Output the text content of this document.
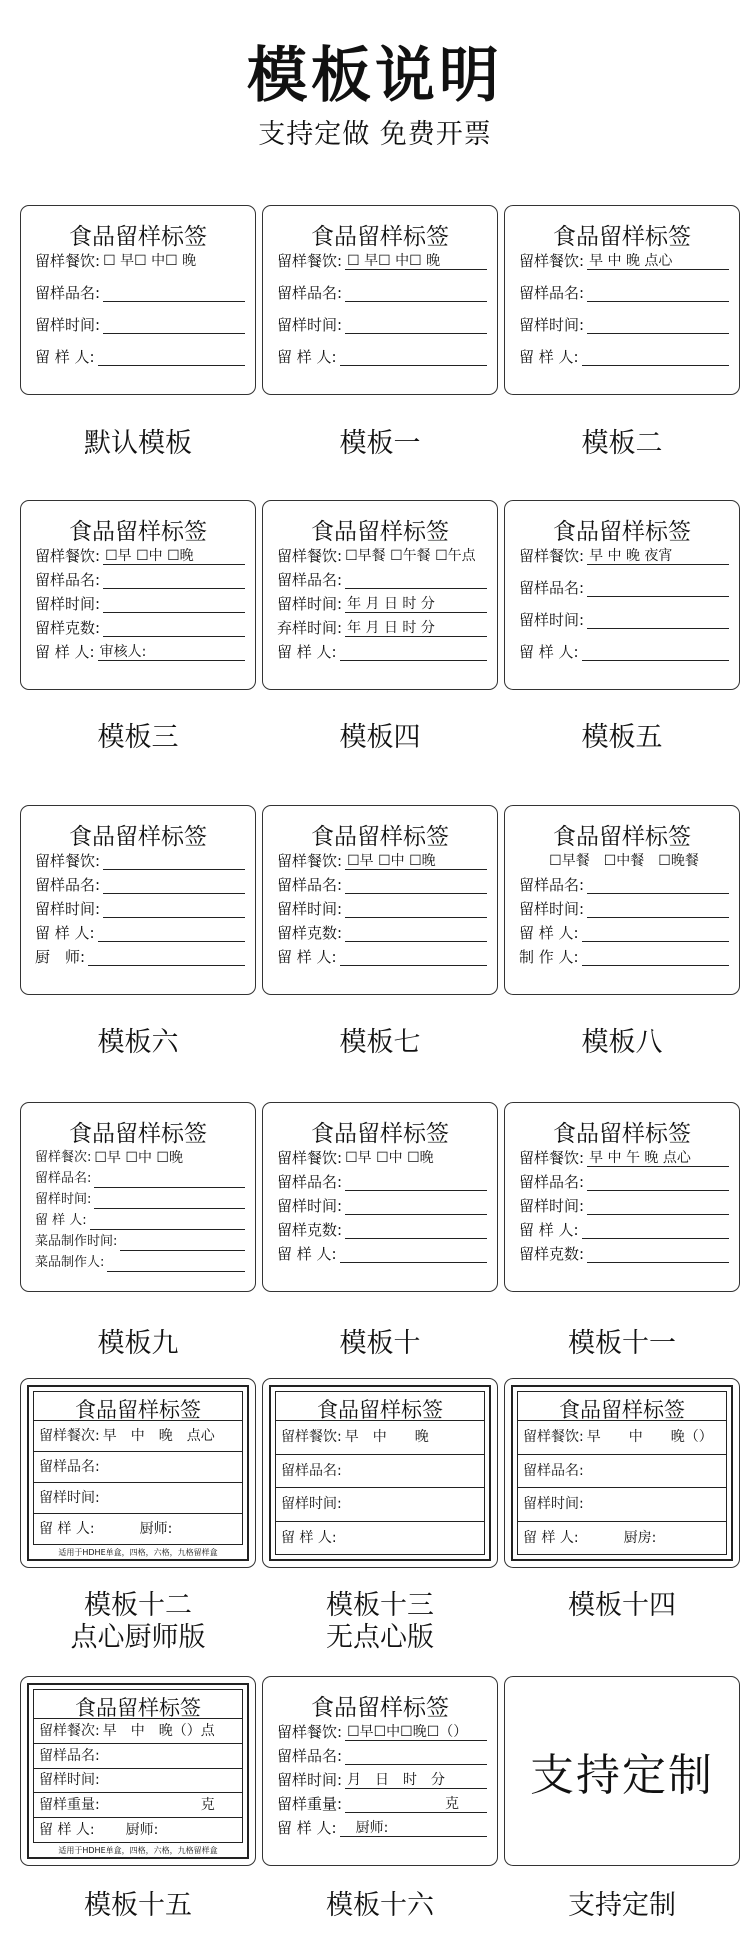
模板说明
支持定做 免费开票
食品留样标签
留样餐饮: ☐ 早☐ 中☐ 晚
留样品名:
留样时间:
留 样 人:
默认模板
食品留样标签
留样餐饮: ☐ 早☐ 中☐ 晚
留样品名:
留样时间:
留 样 人:
模板一
食品留样标签
留样餐饮: 早 中 晚 点心
留样品名:
留样时间:
留 样 人:
模板二
食品留样标签
留样餐饮: ☐早 ☐中 ☐晚
留样品名:
留样时间:
留样克数:
留 样 人: 审核人:
模板三
食品留样标签
留样餐饮: ☐早餐 ☐午餐 ☐午点
留样品名:
留样时间: 年 月 日 时 分
弃样时间: 年 月 日 时 分
留 样 人:
模板四
食品留样标签
留样餐饮: 早 中 晚 夜宵
留样品名:
留样时间:
留 样 人:
模板五
食品留样标签
留样餐饮:
留样品名:
留样时间:
留 样 人:
厨　师:
模板六
食品留样标签
留样餐饮: ☐早 ☐中 ☐晚
留样品名:
留样时间:
留样克数:
留 样 人:
模板七
食品留样标签
☐早餐　☐中餐　☐晚餐
留样品名:
留样时间:
留 样 人:
制 作 人:
模板八
食品留样标签
留样餐次: ☐早 ☐中 ☐晚
留样品名:
留样时间:
留 样 人:
菜品制作时间:
菜品制作人:
模板九
食品留样标签
留样餐饮: ☐早 ☐中 ☐晚
留样品名:
留样时间:
留样克数:
留 样 人:
模板十
食品留样标签
留样餐饮: 早 中 午 晚 点心
留样品名:
留样时间:
留 样 人:
留样克数:
模板十一
食品留样标签
留样餐次: 早　中　晚　点心
留样品名:
留样时间:
留 样 人: 　　　厨师:
适用于HDHE单盒，四格，六格，九格留样盒
模板十二
点心厨师版
食品留样标签
留样餐饮: 早　中　　晚
留样品名:
留样时间:
留 样 人:
模板十三
无点心版
食品留样标签
留样餐饮: 早　　中　　晚（）
留样品名:
留样时间:
留 样 人: 　　　厨房:
模板十四
食品留样标签
留样餐次: 早　中　晚（）点
留样品名:
留样时间:
留样重量: 　　　　　　　克
留 样 人: 　　厨师:
适用于HDHE单盒，四格，六格，九格留样盒
模板十五
食品留样标签
留样餐饮: ☐早☐中☐晚☐（）
留样品名:
留样时间: 月　日　时　分
留样重量: 　　　　　　　克
留 样 人: 　厨师:
模板十六
支持定制
支持定制
